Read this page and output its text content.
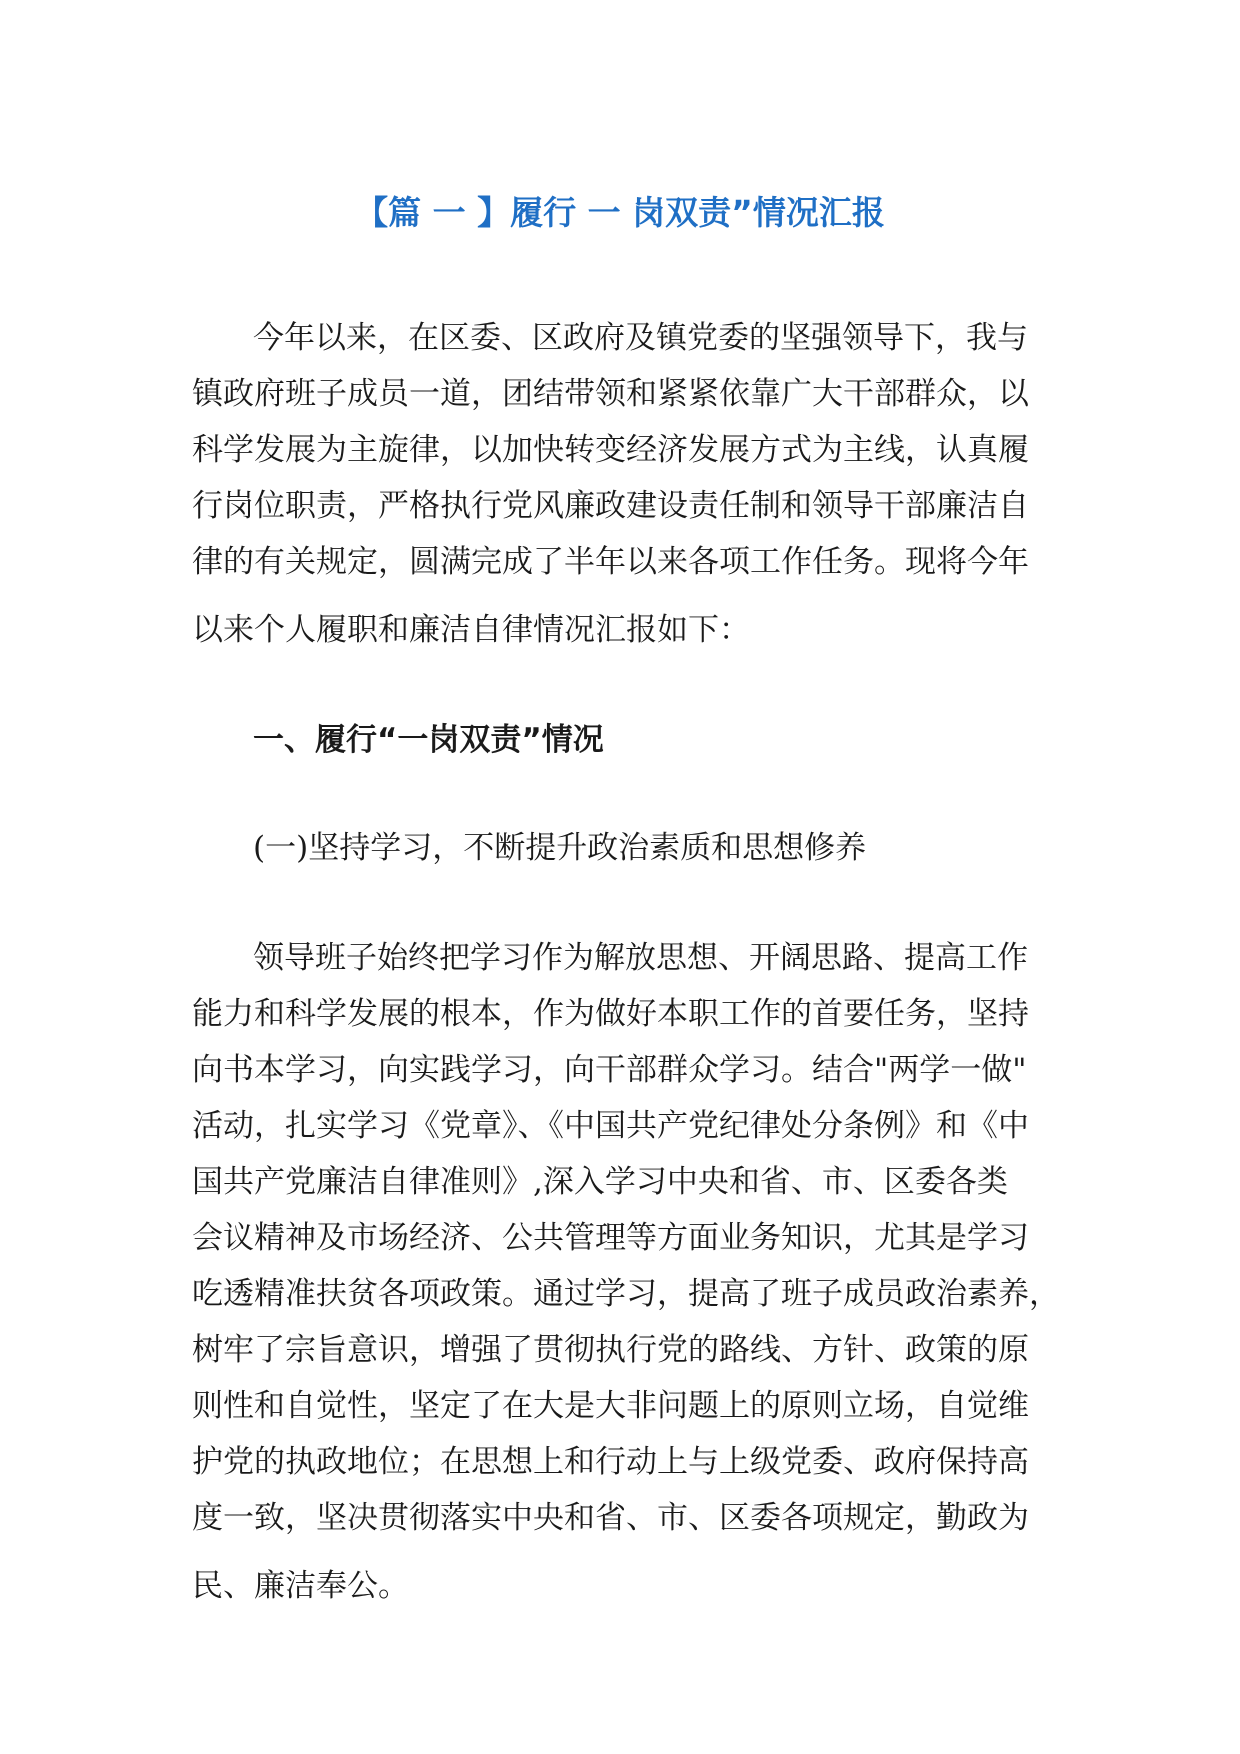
【篇 一 】履行 一 岗双责”情况汇报
今年以来，在区委、区政府及镇党委的坚强领导下，我与
镇政府班子成员一道，团结带领和紧紧依靠广大干部群众，以
科学发展为主旋律，以加快转变经济发展方式为主线，认真履
行岗位职责，严格执行党风廉政建设责任制和领导干部廉洁自
律的有关规定，圆满完成了半年以来各项工作任务。现将今年
以来个人履职和廉洁自律情况汇报如下：
一、履行“一岗双责”情况
(一)坚持学习，不断提升政治素质和思想修养
领导班子始终把学习作为解放思想、开阔思路、提高工作
能力和科学发展的根本，作为做好本职工作的首要任务，坚持
向书本学习，向实践学习，向干部群众学习。结合"两学一做"
活动，扎实学习《党章》、《中国共产党纪律处分条例》和《中
国共产党廉洁自律准则》,深入学习中央和省、市、区委各类
会议精神及市场经济、公共管理等方面业务知识，尤其是学习
吃透精准扶贫各项政策。通过学习，提高了班子成员政治素养，
树牢了宗旨意识，增强了贯彻执行党的路线、方针、政策的原
则性和自觉性，坚定了在大是大非问题上的原则立场，自觉维
护党的执政地位；在思想上和行动上与上级党委、政府保持高
度一致，坚决贯彻落实中央和省、市、区委各项规定，勤政为
民、廉洁奉公。
